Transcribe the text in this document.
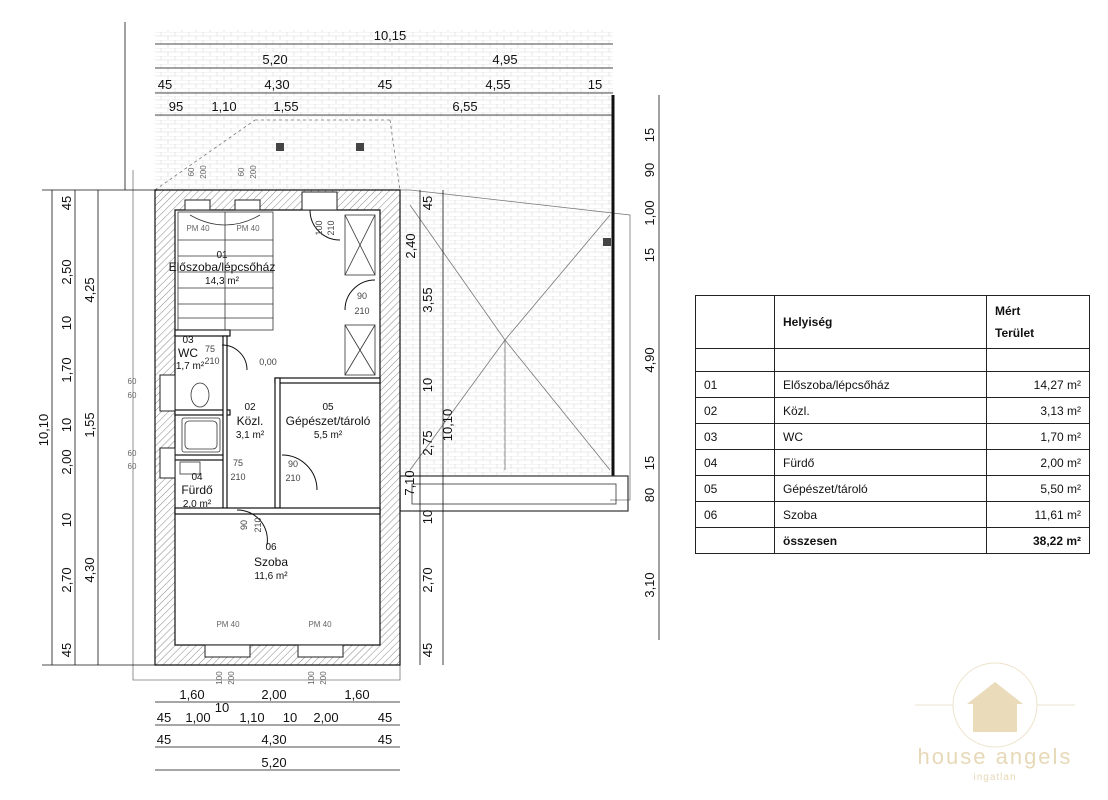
01
Előszoba/lépcsőház
14,3 m²
02
Közl.
3,1 m²
03
WC
1,7 m²
04
Fürdő
2,0 m²
05
Gépészet/tároló
5,5 m²
06
Szoba
11,6 m²
PM 40	PM 40
PM 40	PM 40
0,00
75
210
75
210
90
210
90
210
100 210
90 210
60 200	60 200
100 200	100 200
60
60
60
60
10,15
5,20	4,95
45	4,30	45	4,55	15
95 1,10	1,55	6,55
1,60	2,00	1,60
10
45 1,00 1,10 10 2,00	45
45	4,30	45
5,20
10,10
4,25
1,55
4,30
45
2,50
10
1,70
10
2,00
10
2,70
45
45
2,40
3,55
10
2,75
10,10
7,10
10
2,70
45
15
90
1,00
15
4,90
15
80
3,10
	Helyiség	Mért
Terület

01	Előszoba/lépcsőház	14,27 m²
02	Közl.	3,13 m²
03	WC	1,70 m²
04	Fürdő	2,00 m²
05	Gépészet/tároló	5,50 m²
06	Szoba	11,61 m²
	összesen	38,22 m²
house angels
ingatlan
